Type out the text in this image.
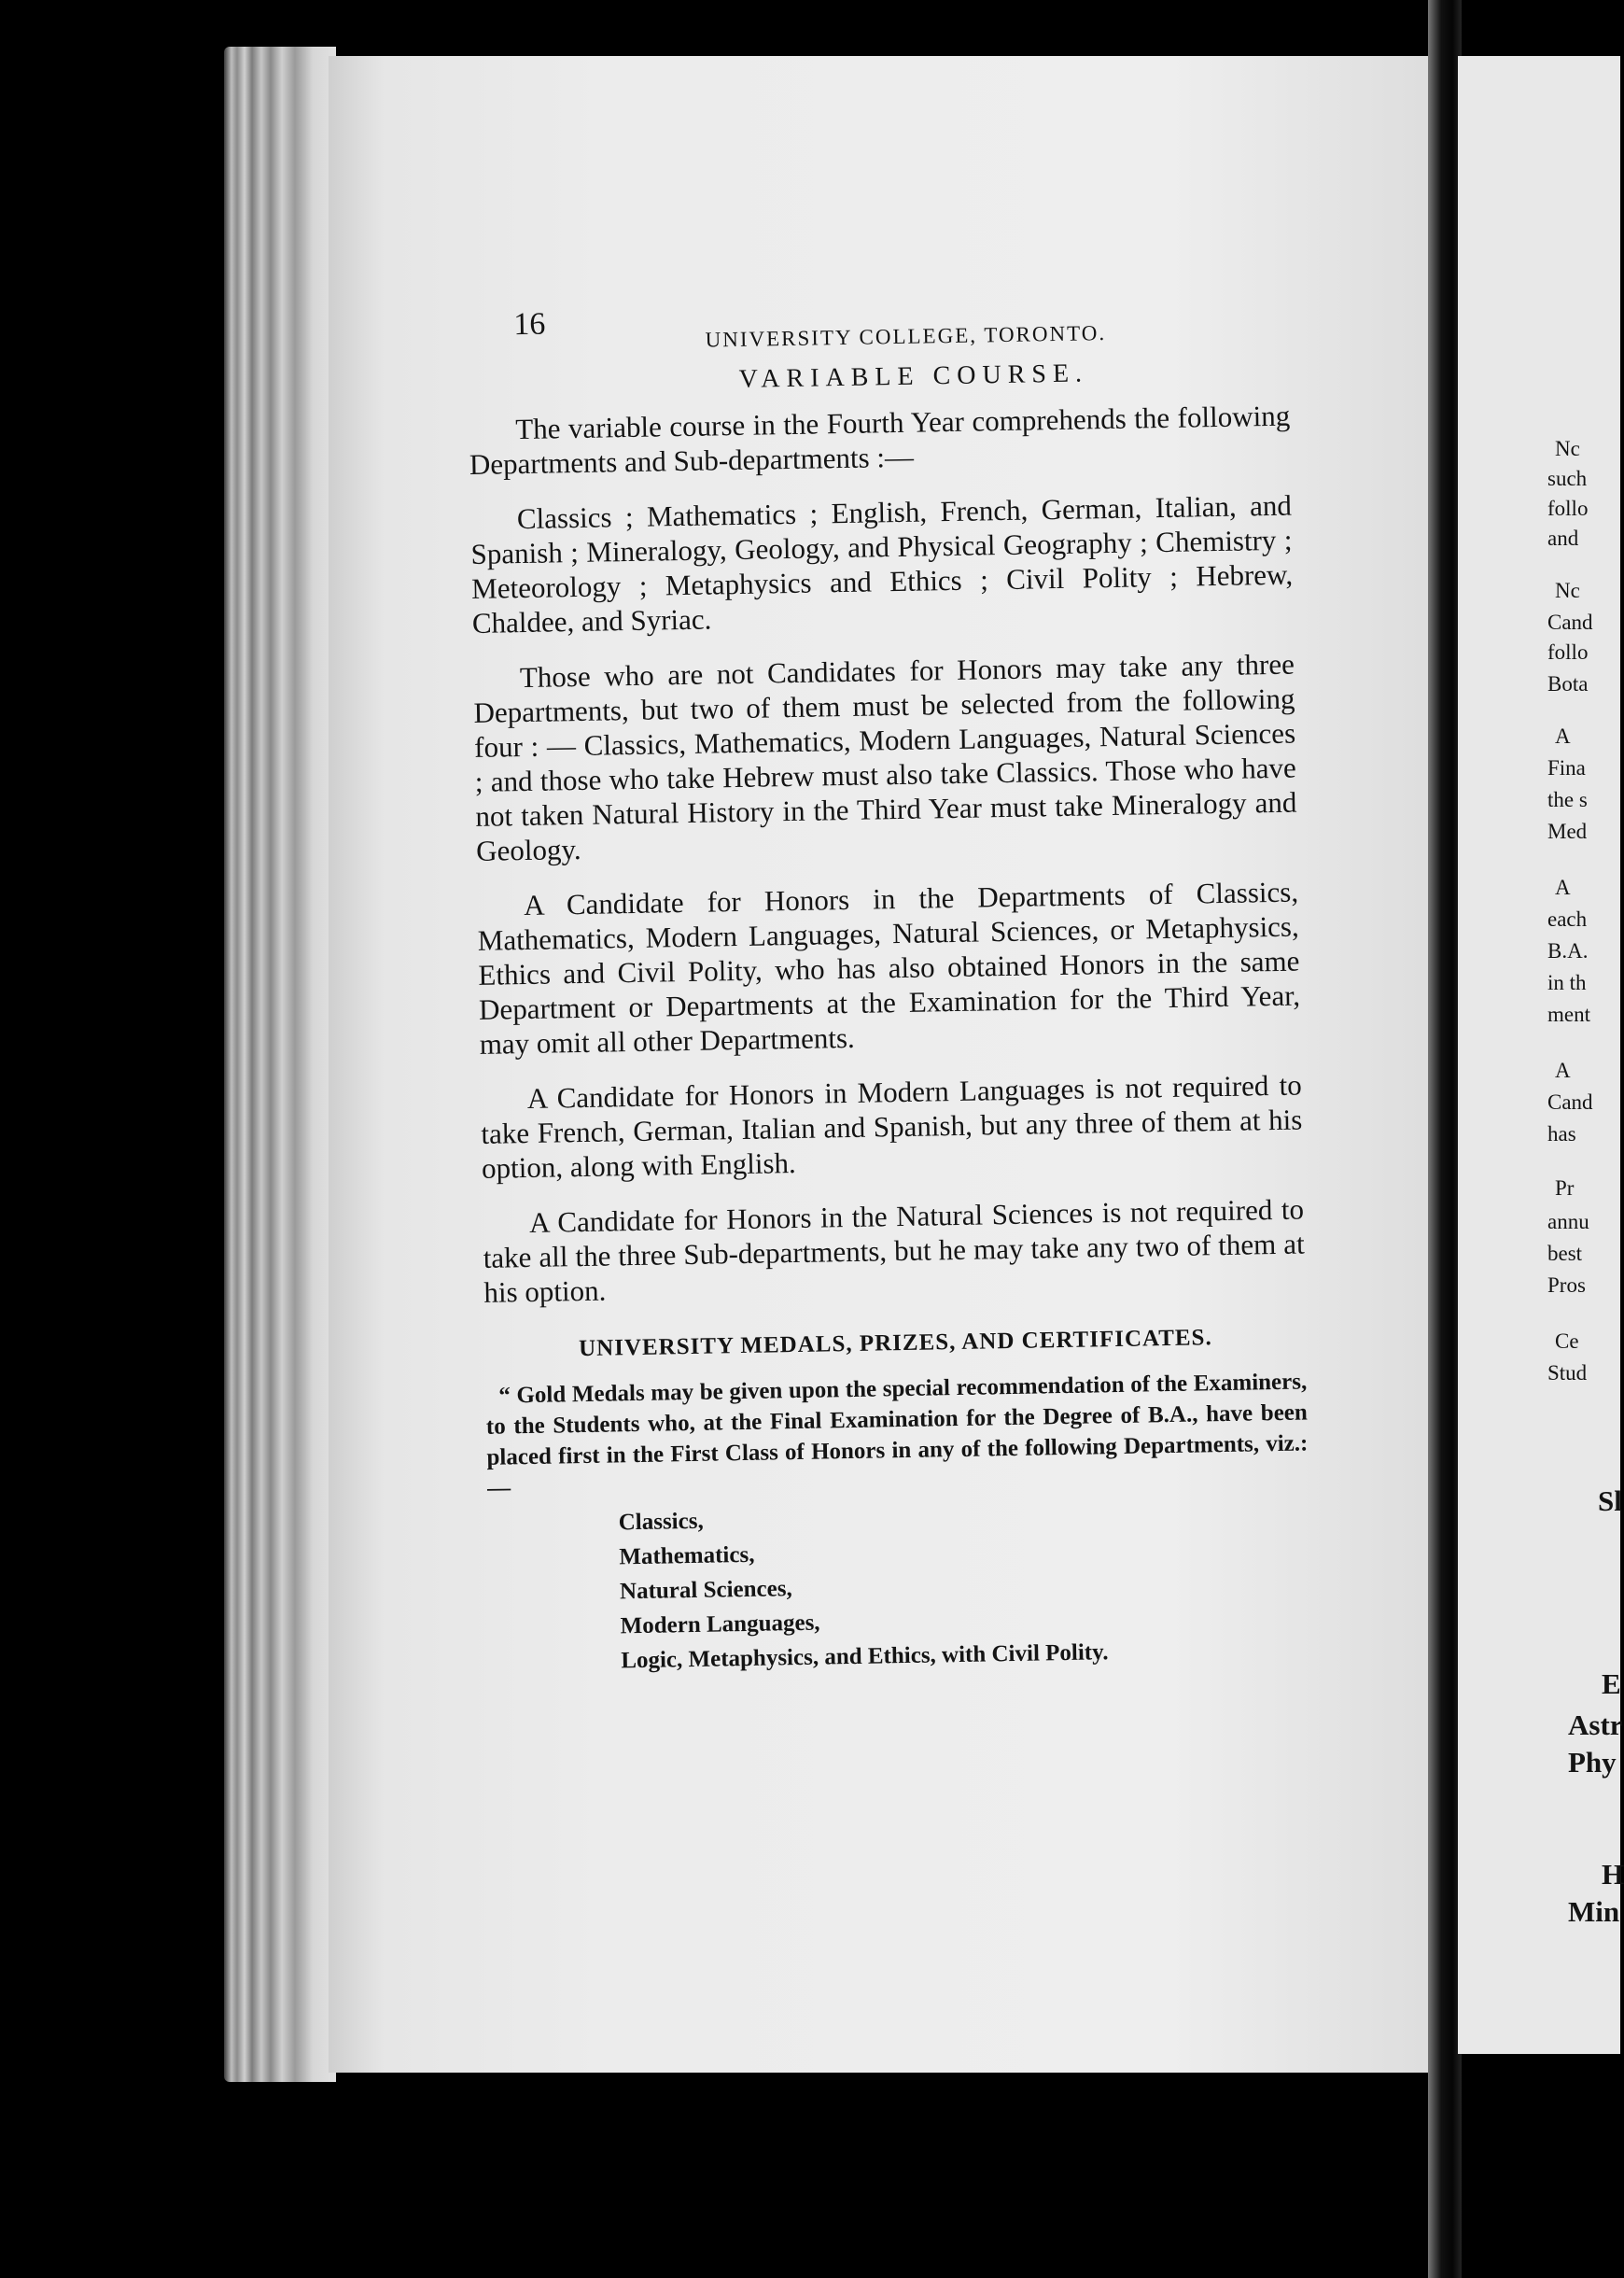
Nc
such
follo
and
Nc
Cand
follo
Bota
A
Fina
the s
Med
A
each
B.A.
in th
ment
A
Cand
has
Pr
annu
best
Pros
Ce
Stud
Sl
E
Astr
Phy
H
Min
16	UNIVERSITY COLLEGE, TORONTO.
VARIABLE COURSE.

The variable course in the Fourth Year comprehends the following Departments and Sub-departments :—

Classics ; Mathematics ; English, French, German, Italian, and Spanish ; Mineralogy, Geology, and Physical Geography ; Chemistry ; Meteorology ; Metaphysics and Ethics ; Civil Polity ; Hebrew, Chaldee, and Syriac.

Those who are not Candidates for Honors may take any three Departments, but two of them must be selected from the following four : — Classics, Mathematics, Modern Languages, Natural Sciences ; and those who take Hebrew must also take Classics. Those who have not taken Natural History in the Third Year must take Mineralogy and Geology.

A Candidate for Honors in the Departments of Classics, Mathematics, Modern Languages, Natural Sciences, or Metaphysics, Ethics and Civil Polity, who has also obtained Honors in the same Department or Departments at the Examination for the Third Year, may omit all other Departments.

A Candidate for Honors in Modern Languages is not required to take French, German, Italian and Spanish, but any three of them at his option, along with English.

A Candidate for Honors in the Natural Sciences is not required to take all the three Sub-departments, but he may take any two of them at his option.

UNIVERSITY MEDALS, PRIZES, AND CERTIFICATES.

“ Gold Medals may be given upon the special recommendation of the Examiners, to the Students who, at the Final Examination for the Degree of B.A., have been placed first in the First Class of Honors in any of the following Departments, viz.:—

Classics,
Mathematics,
Natural Sciences,
Modern Languages,
Logic, Metaphysics, and Ethics, with Civil Polity.
